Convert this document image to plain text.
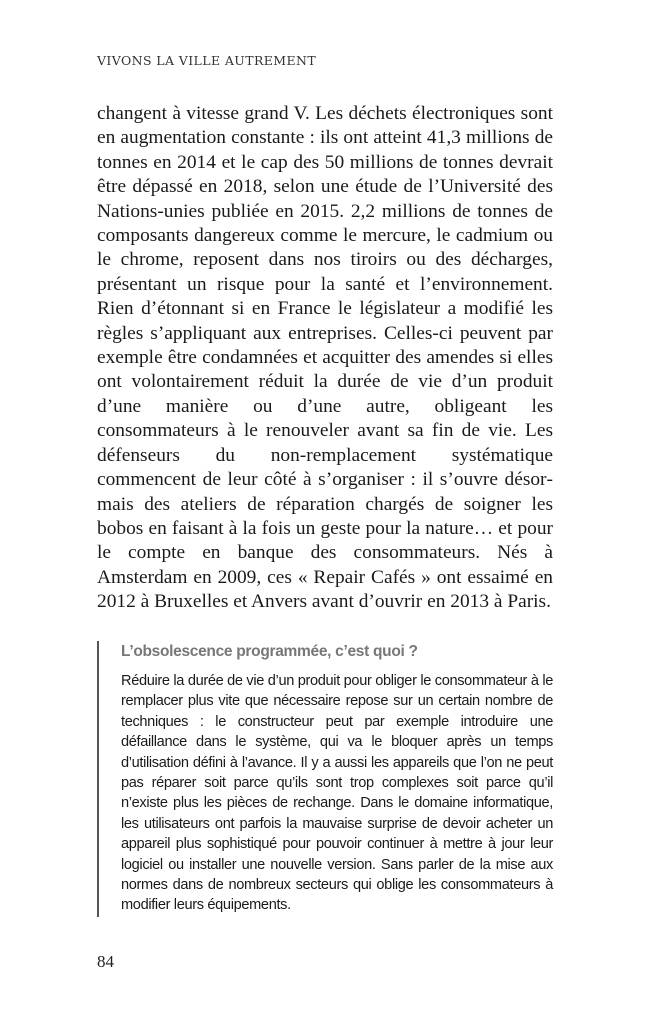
VIVONS LA VILLE AUTREMENT

changent à vitesse grand V. Les déchets électroniques sont en augmentation constante : ils ont atteint 41,3 millions de tonnes en 2014 et le cap des 50 millions de tonnes devrait être dépassé en 2018, selon une étude de l’Université des Nations-unies publiée en 2015. 2,2 millions de tonnes de composants dangereux comme le mercure, le cadmium ou le chrome, reposent dans nos tiroirs ou des décharges, présentant un risque pour la santé et l’environnement. Rien d’étonnant si en France le législateur a modifié les règles s’appliquant aux entreprises. Celles-ci peuvent par exemple être condamnées et acquitter des amendes si elles ont volontairement réduit la durée de vie d’un produit d’une manière ou d’une autre, obligeant les consommateurs à le renouveler avant sa fin de vie. Les défenseurs du non-remplacement systématique commencent de leur côté à s’organiser : il s’ouvre désormais des ateliers de réparation chargés de soigner les bobos en faisant à la fois un geste pour la nature… et pour le compte en banque des consommateurs. Nés à Amsterdam en 2009, ces « Repair Cafés » ont essaimé en 2012 à Bruxelles et Anvers avant d’ouvrir en 2013 à Paris.

L’obsolescence programmée, c’est quoi ?

Réduire la durée de vie d’un produit pour obliger le consommateur à le remplacer plus vite que nécessaire repose sur un certain nombre de techniques : le constructeur peut par exemple introduire une défaillance dans le système, qui va le bloquer après un temps d’utilisation défini à l’avance. Il y a aussi les appareils que l’on ne peut pas réparer soit parce qu’ils sont trop complexes soit parce qu’il n’existe plus les pièces de rechange. Dans le domaine informatique, les utilisateurs ont parfois la mauvaise surprise de devoir acheter un appareil plus sophistiqué pour pouvoir continuer à mettre à jour leur logiciel ou installer une nouvelle version. Sans parler de la mise aux normes dans de nombreux secteurs qui oblige les consommateurs à modifier leurs équipements.

84
